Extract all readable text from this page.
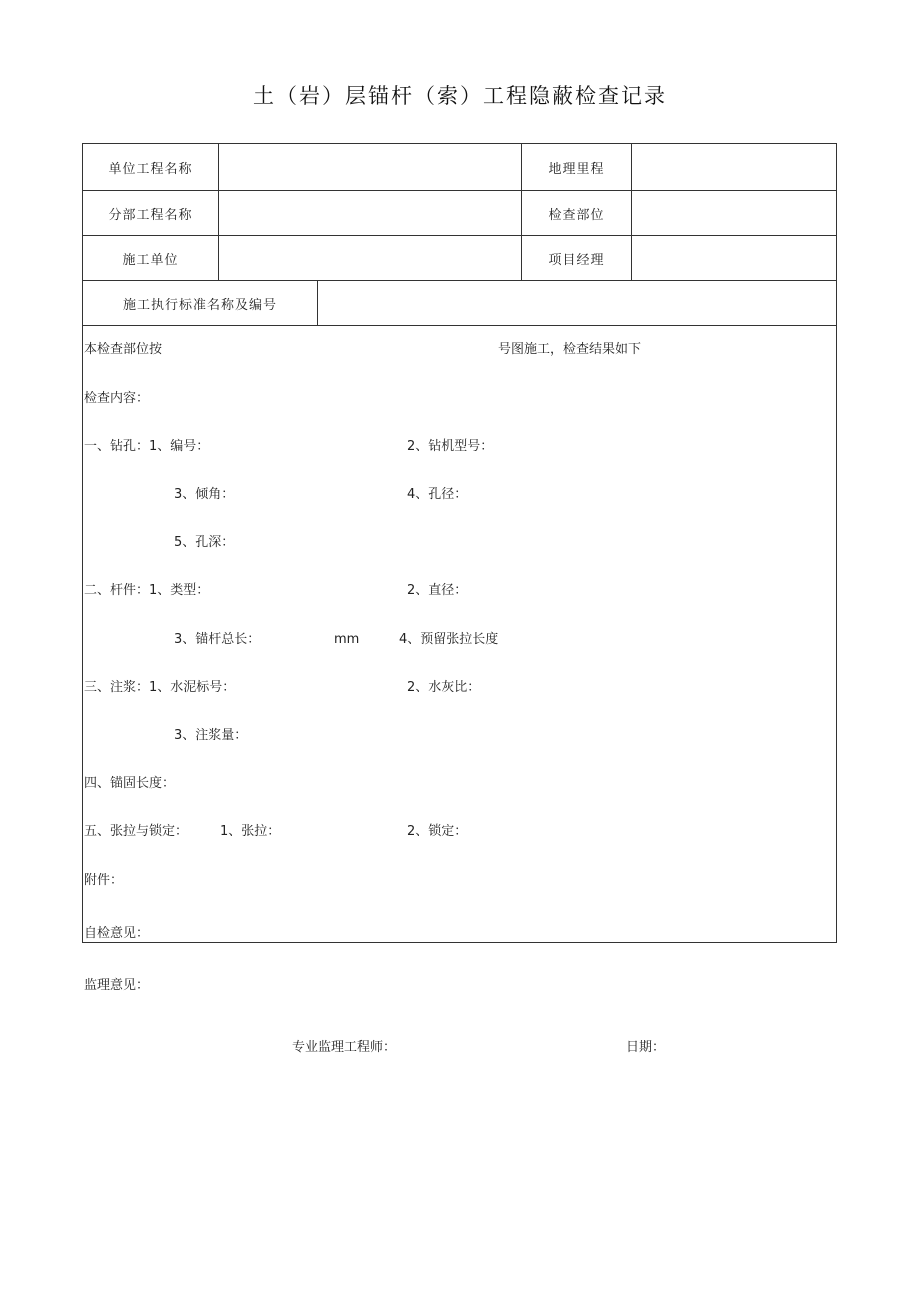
土（岩）层锚杆（索）工程隐蔽检查记录
单位工程名称	地理里程
分部工程名称	检查部位
施工单位	项目经理
施工执行标准名称及编号
本检查部位按	号图施工，检查结果如下
检查内容：
一、钻孔：1、编号：	2、钻机型号：
3、倾角：	4、孔径：
5、孔深：
二、杆件：1、类型：	2、直径：
3、锚杆总长：	mm	4、预留张拉长度
三、注浆：1、水泥标号：	2、水灰比：
3、注浆量：
四、锚固长度：
五、张拉与锁定： 1、张拉：	2、锁定：
附件：
自检意见：
监理意见：
专业监理工程师：	日期：
